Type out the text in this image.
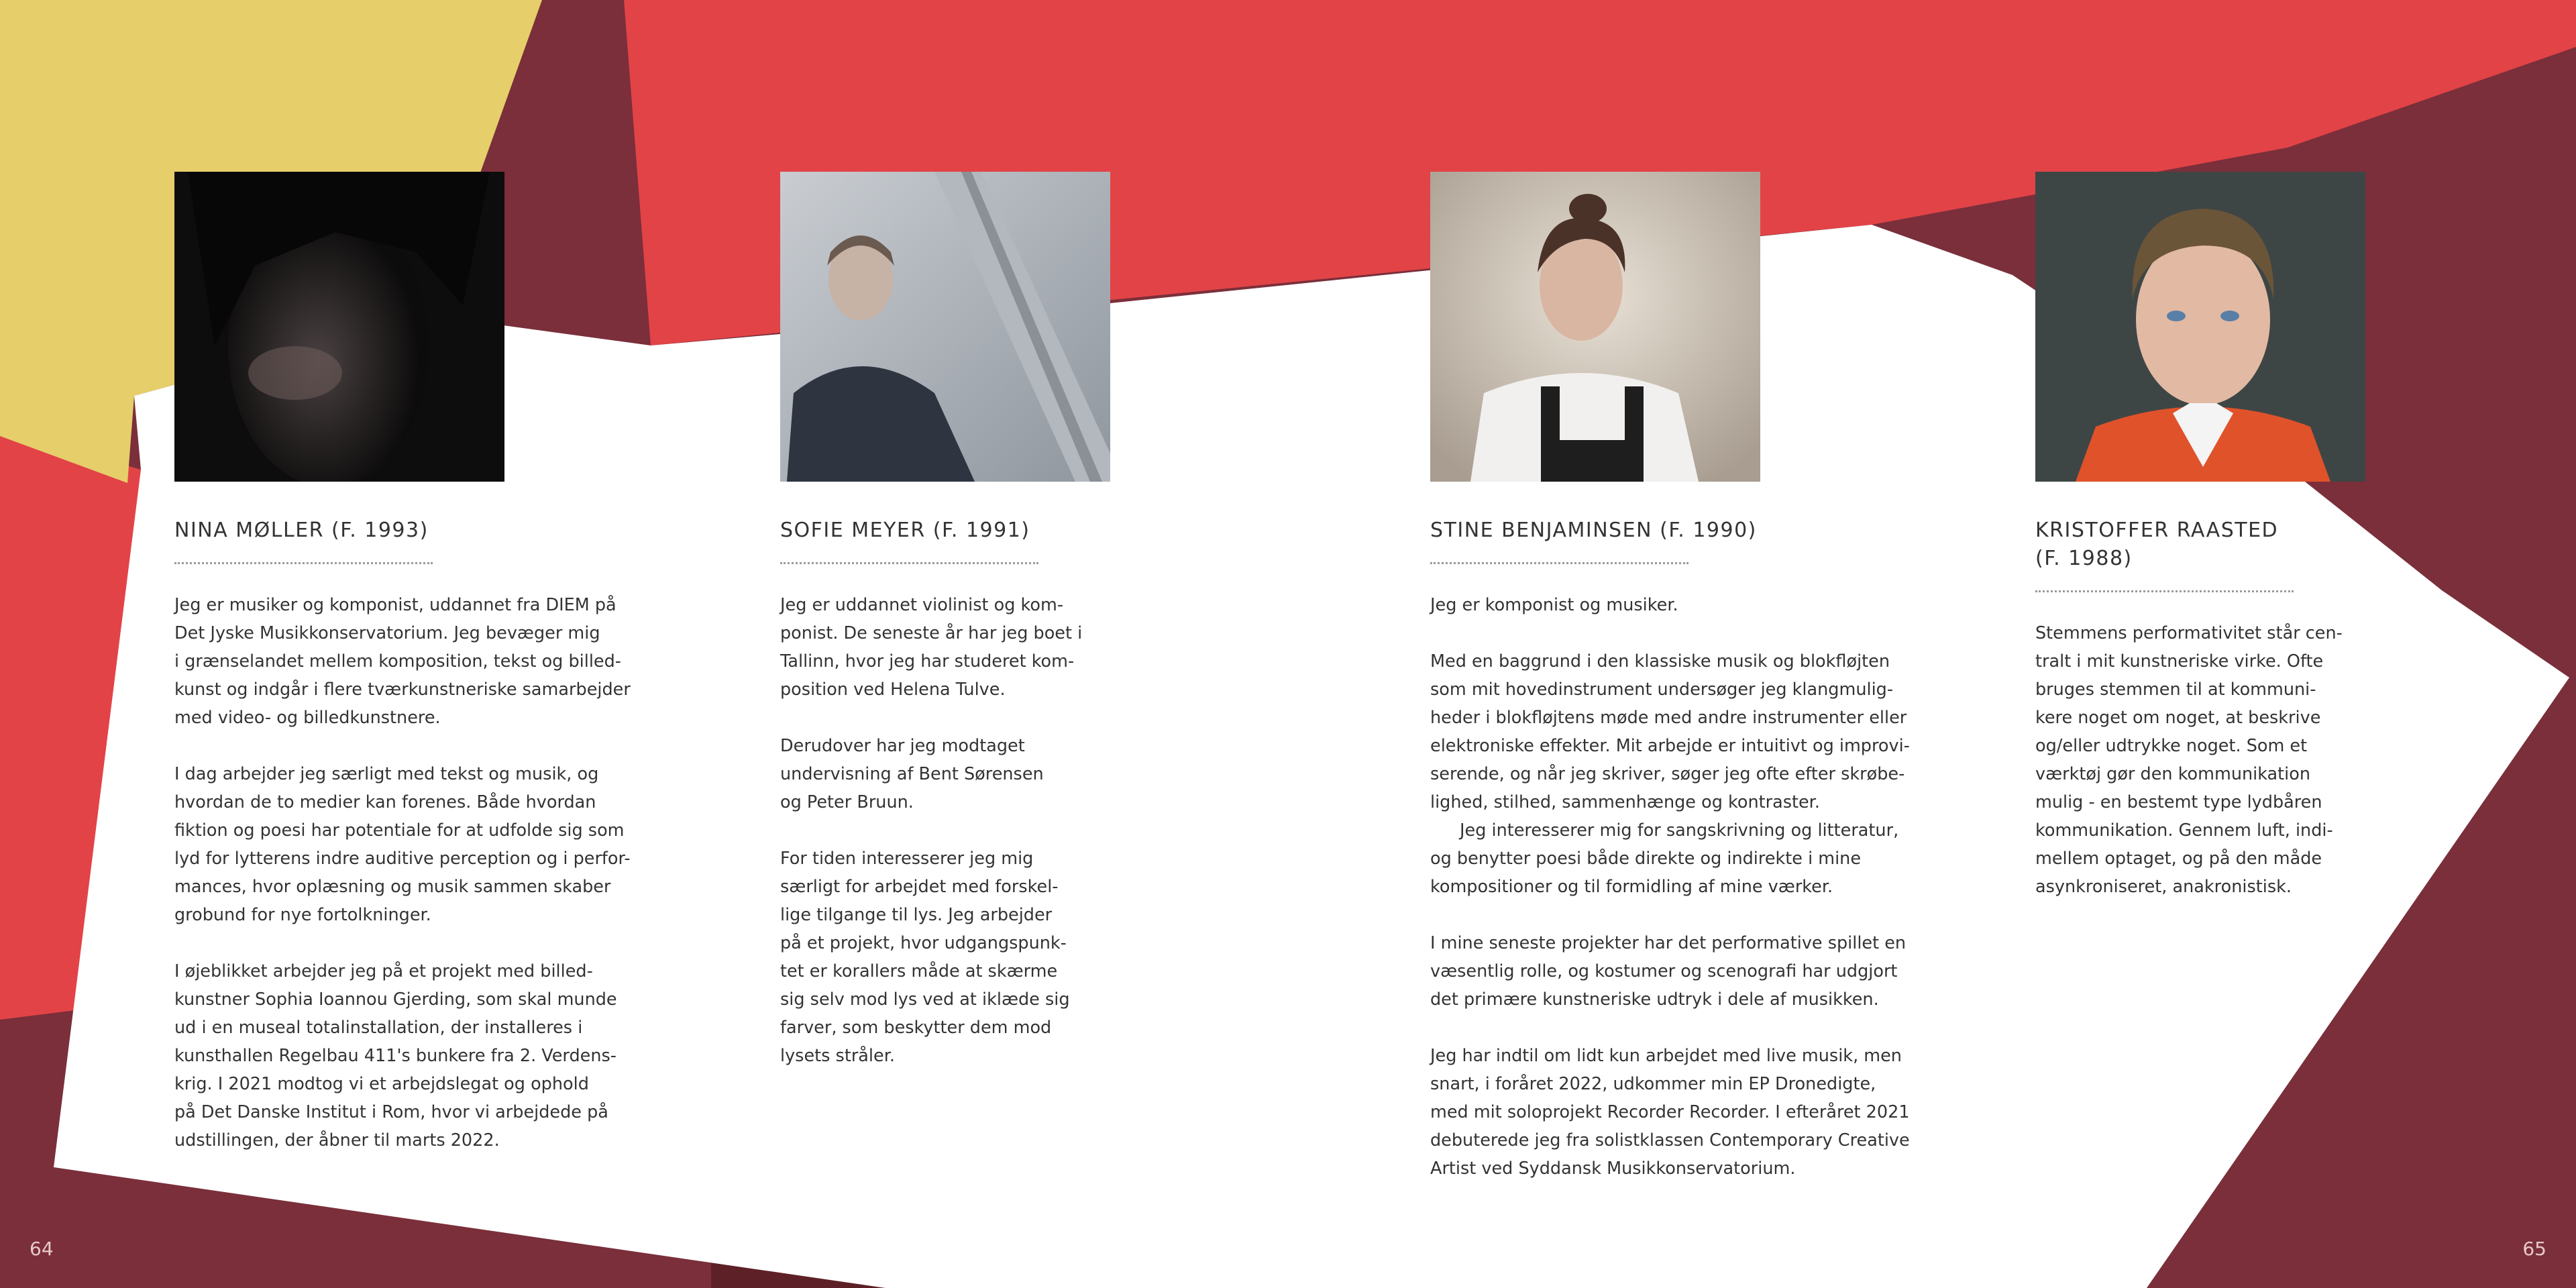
NINA MØLLER (F. 1993)

Jeg er musiker og komponist, uddannet fra DIEM på
Det Jyske Musikkonservatorium. Jeg bevæger mig
i grænselandet mellem komposition, tekst og billed-
kunst og indgår i flere tværkunstneriske samarbejder
med video- og billedkunstnere.

I dag arbejder jeg særligt med tekst og musik, og
hvordan de to medier kan forenes. Både hvordan
fiktion og poesi har potentiale for at udfolde sig som
lyd for lytterens indre auditive perception og i perfor-
mances, hvor oplæsning og musik sammen skaber
grobund for nye fortolkninger.

I øjeblikket arbejder jeg på et projekt med billed-
kunstner Sophia Ioannou Gjerding, som skal munde
ud i en museal totalinstallation, der installeres i
kunsthallen Regelbau 411's bunkere fra 2. Verdens-
krig. I 2021 modtog vi et arbejdslegat og ophold
på Det Danske Institut i Rom, hvor vi arbejdede på
udstillingen, der åbner til marts 2022.

SOFIE MEYER (F. 1991)

Jeg er uddannet violinist og kom-
ponist. De seneste år har jeg boet i
Tallinn, hvor jeg har studeret kom-
position ved Helena Tulve.

Derudover har jeg modtaget
undervisning af Bent Sørensen
og Peter Bruun.

For tiden interesserer jeg mig
særligt for arbejdet med forskel-
lige tilgange til lys. Jeg arbejder
på et projekt, hvor udgangspunk-
tet er korallers måde at skærme
sig selv mod lys ved at iklæde sig
farver, som beskytter dem mod
lysets stråler.

STINE BENJAMINSEN (F. 1990)

Jeg er komponist og musiker.

Med en baggrund i den klassiske musik og blokfløjten
som mit hovedinstrument undersøger jeg klangmulig-
heder i blokfløjtens møde med andre instrumenter eller
elektroniske effekter. Mit arbejde er intuitivt og improvi-
serende, og når jeg skriver, søger jeg ofte efter skrøbe-
lighed, stilhed, sammenhænge og kontraster.

Jeg interesserer mig for sangskrivning og litteratur,
og benytter poesi både direkte og indirekte i mine
kompositioner og til formidling af mine værker.

I mine seneste projekter har det performative spillet en
væsentlig rolle, og kostumer og scenografi har udgjort
det primære kunstneriske udtryk i dele af musikken.

Jeg har indtil om lidt kun arbejdet med live musik, men
snart, i foråret 2022, udkommer min EP Dronedigte,
med mit soloprojekt Recorder Recorder. I efteråret 2021
debuterede jeg fra solistklassen Contemporary Creative
Artist ved Syddansk Musikkonservatorium.

KRISTOFFER RAASTED
(F. 1988)

Stemmens performativitet står cen-
tralt i mit kunstneriske virke. Ofte
bruges stemmen til at kommuni-
kere noget om noget, at beskrive
og/eller udtrykke noget. Som et
værktøj gør den kommunikation
mulig - en bestemt type lydbåren
kommunikation. Gennem luft, indi-
mellem optaget, og på den måde
asynkroniseret, anakronistisk.

64	65
